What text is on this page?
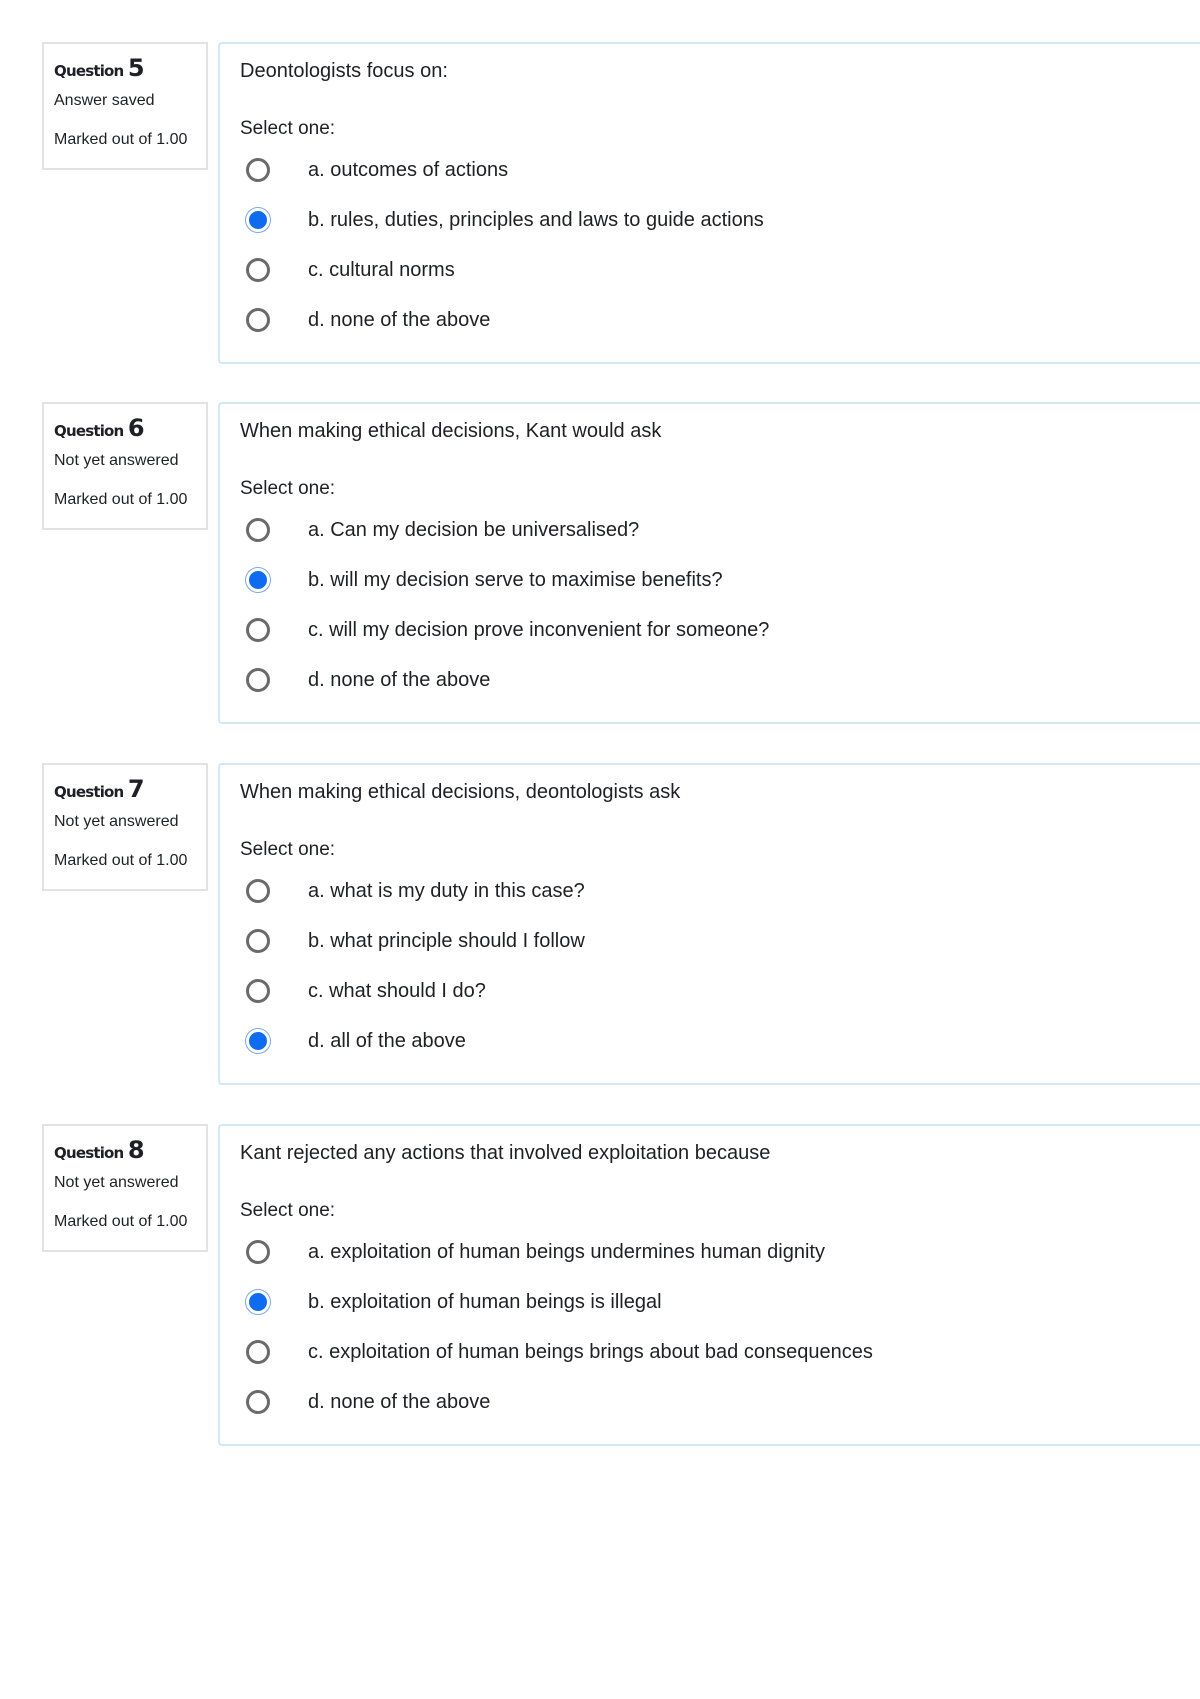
Question 5
Answer saved
Marked out of 1.00
Deontologists focus on:
Select one:
a. outcomes of actions
b. rules, duties, principles and laws to guide actions
c. cultural norms
d. none of the above
Question 6
Not yet answered
Marked out of 1.00
When making ethical decisions, Kant would ask
Select one:
a. Can my decision be universalised?
b. will my decision serve to maximise benefits?
c. will my decision prove inconvenient for someone?
d. none of the above
Question 7
Not yet answered
Marked out of 1.00
When making ethical decisions, deontologists ask
Select one:
a. what is my duty in this case?
b. what principle should I follow
c. what should I do?
d. all of the above
Question 8
Not yet answered
Marked out of 1.00
Kant rejected any actions that involved exploitation because
Select one:
a. exploitation of human beings undermines human dignity
b. exploitation of human beings is illegal
c. exploitation of human beings brings about bad consequences
d. none of the above
